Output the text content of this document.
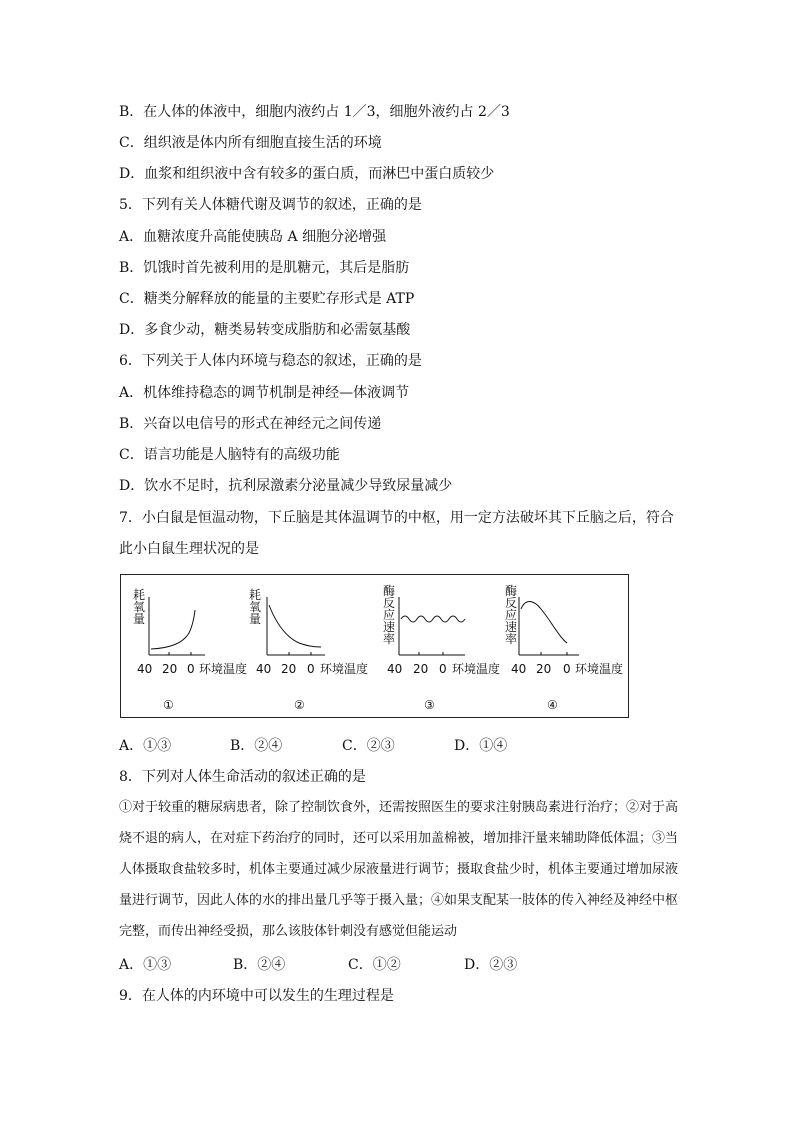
B．在人体的体液中，细胞内液约占 1／3，细胞外液约占 2／3
C．组织液是体内所有细胞直接生活的环境
D．血浆和组织液中含有较多的蛋白质，而淋巴中蛋白质较少
5．下列有关人体糖代谢及调节的叙述，正确的是
A．血糖浓度升高能使胰岛 A 细胞分泌增强
B．饥饿时首先被利用的是肌糖元，其后是脂肪
C．糖类分解释放的能量的主要贮存形式是 ATP
D．多食少动，糖类易转变成脂肪和必需氨基酸
6．下列关于人体内环境与稳态的叙述，正确的是
A．机体维持稳态的调节机制是神经—体液调节
B．兴奋以电信号的形式在神经元之间传递
C．语言功能是人脑特有的高级功能
D．饮水不足时，抗利尿激素分泌量减少导致尿量减少
7．小白鼠是恒温动物，下丘脑是其体温调节的中枢，用一定方法破坏其下丘脑之后，符合
此小白鼠生理状况的是
耗氧量
40 20 0 环境温度
①
耗氧量
40 20 0 环境温度
②
酶反应速率
40 20 0 环境温度
③
酶反应速率
40 20 0 环境温度
④
A．①③	B．②④	C．②③	D．①④
8．下列对人体生命活动的叙述正确的是
①对于较重的糖尿病患者，除了控制饮食外，还需按照医生的要求注射胰岛素进行治疗；②对于高烧不退的病人，在对症下药治疗的同时，还可以采用加盖棉被，增加排汗量来辅助降低体温；③当人体摄取食盐较多时，机体主要通过减少尿液量进行调节；摄取食盐少时，机体主要通过增加尿液量进行调节，因此人体的水的排出量几乎等于摄入量；④如果支配某一肢体的传入神经及神经中枢完整，而传出神经受损，那么该肢体针刺没有感觉但能运动
A．①③	B．②④	C．①②	D．②③
9．在人体的内环境中可以发生的生理过程是
